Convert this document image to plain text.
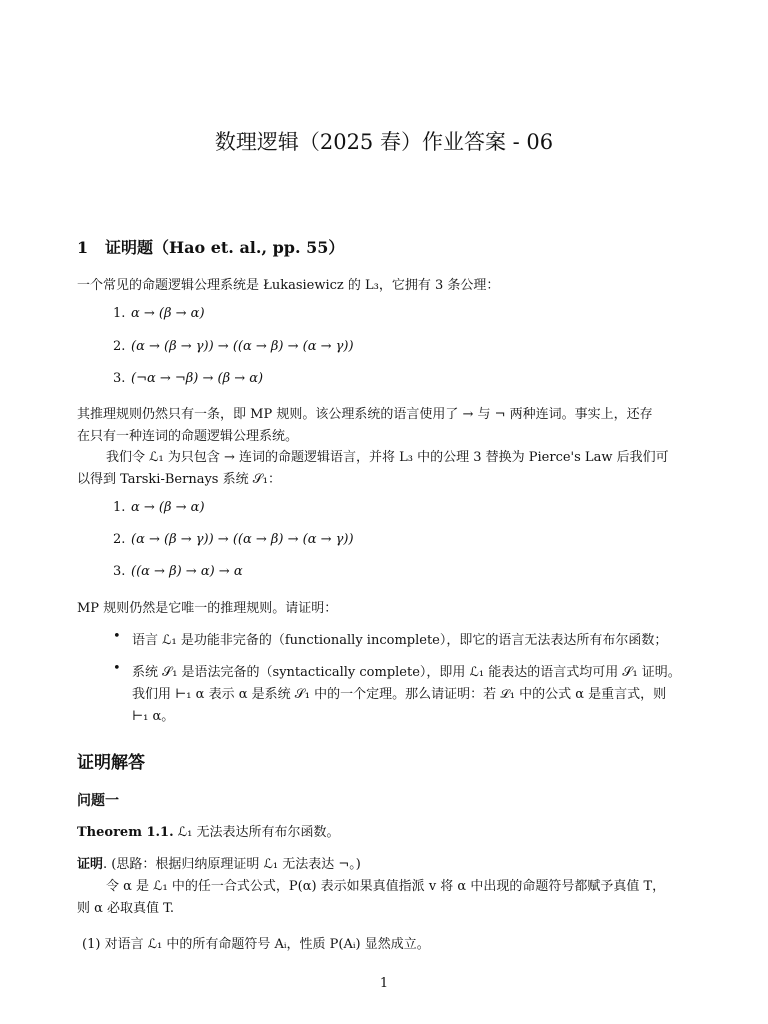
数理逻辑（2025 春）作业答案 - 06
1 证明题（Hao et. al., pp. 55）
一个常见的命题逻辑公理系统是 Łukasiewicz 的 L₃，它拥有 3 条公理：
1. α → (β → α)
2. (α → (β → γ)) → ((α → β) → (α → γ))
3. (¬α → ¬β) → (β → α)
其推理规则仍然只有一条，即 MP 规则。该公理系统的语言使用了 → 与 ¬ 两种连词。事实上，还存
在只有一种连词的命题逻辑公理系统。
我们令 ℒ₁ 为只包含 → 连词的命题逻辑语言，并将 L₃ 中的公理 3 替换为 Pierce's Law 后我们可
以得到 Tarski-Bernays 系统 𝒮₁：
1. α → (β → α)
2. (α → (β → γ)) → ((α → β) → (α → γ))
3. ((α → β) → α) → α
MP 规则仍然是它唯一的推理规则。请证明：
• 语言 ℒ₁ 是功能非完备的（functionally incomplete），即它的语言无法表达所有布尔函数；
• 系统 𝒮₁ 是语法完备的（syntactically complete），即用 ℒ₁ 能表达的语言式均可用 𝒮₁ 证明。
我们用 ⊢₁ α 表示 α 是系统 𝒮₁ 中的一个定理。那么请证明：若 ℒ₁ 中的公式 α 是重言式，则
⊢₁ α。
证明解答
问题一
Theorem 1.1. ℒ₁ 无法表达所有布尔函数。
证明. (思路：根据归纳原理证明 ℒ₁ 无法表达 ¬。)
令 α 是 ℒ₁ 中的任一合式公式，P(α) 表示如果真值指派 v 将 α 中出现的命题符号都赋予真值 T，
则 α 必取真值 T.
(1) 对语言 ℒ₁ 中的所有命题符号 Aᵢ，性质 P(Aᵢ) 显然成立。
1
